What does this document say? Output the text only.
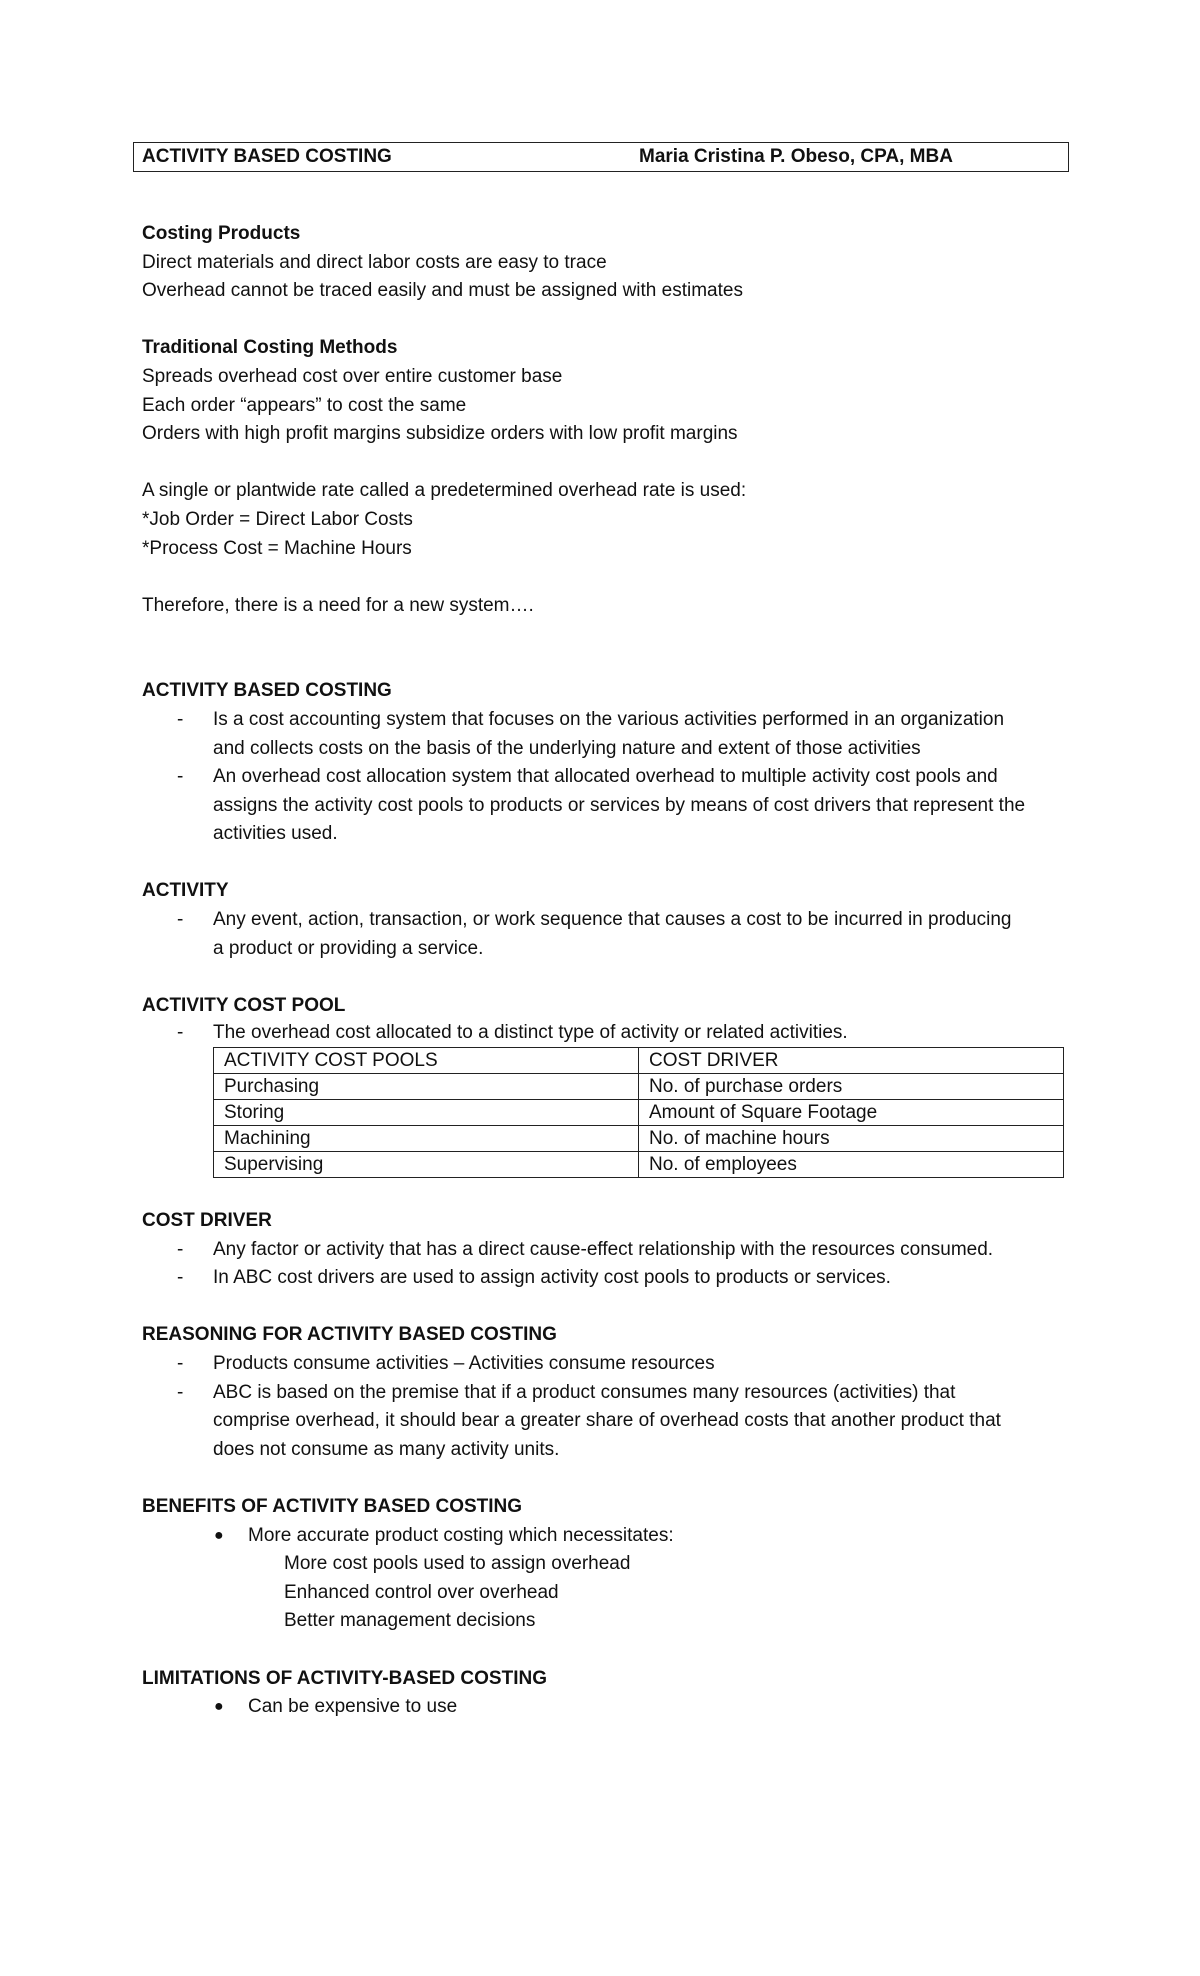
ACTIVITY BASED COSTING	Maria Cristina P. Obeso, CPA, MBA
Costing Products
Direct materials and direct labor costs are easy to trace
Overhead cannot be traced easily and must be assigned with estimates
Traditional Costing Methods
Spreads overhead cost over entire customer base
Each order “appears” to cost the same
Orders with high profit margins subsidize orders with low profit margins
A single or plantwide rate called a predetermined overhead rate is used:
*Job Order = Direct Labor Costs
*Process Cost = Machine Hours
Therefore, there is a need for a new system….
ACTIVITY BASED COSTING
- Is a cost accounting system that focuses on the various activities performed in an organization
and collects costs on the basis of the underlying nature and extent of those activities
- An overhead cost allocation system that allocated overhead to multiple activity cost pools and
assigns the activity cost pools to products or services by means of cost drivers that represent the
activities used.
ACTIVITY
- Any event, action, transaction, or work sequence that causes a cost to be incurred in producing
a product or providing a service.
ACTIVITY COST POOL
- The overhead cost allocated to a distinct type of activity or related activities.
ACTIVITY COST POOLS	COST DRIVER
Purchasing	No. of purchase orders
Storing	Amount of Square Footage
Machining	No. of machine hours
Supervising	No. of employees
COST DRIVER
- Any factor or activity that has a direct cause-effect relationship with the resources consumed.
- In ABC cost drivers are used to assign activity cost pools to products or services.
REASONING FOR ACTIVITY BASED COSTING
- Products consume activities – Activities consume resources
- ABC is based on the premise that if a product consumes many resources (activities) that
comprise overhead, it should bear a greater share of overhead costs that another product that
does not consume as many activity units.
BENEFITS OF ACTIVITY BASED COSTING
● More accurate product costing which necessitates:
More cost pools used to assign overhead
Enhanced control over overhead
Better management decisions
LIMITATIONS OF ACTIVITY-BASED COSTING
● Can be expensive to use
